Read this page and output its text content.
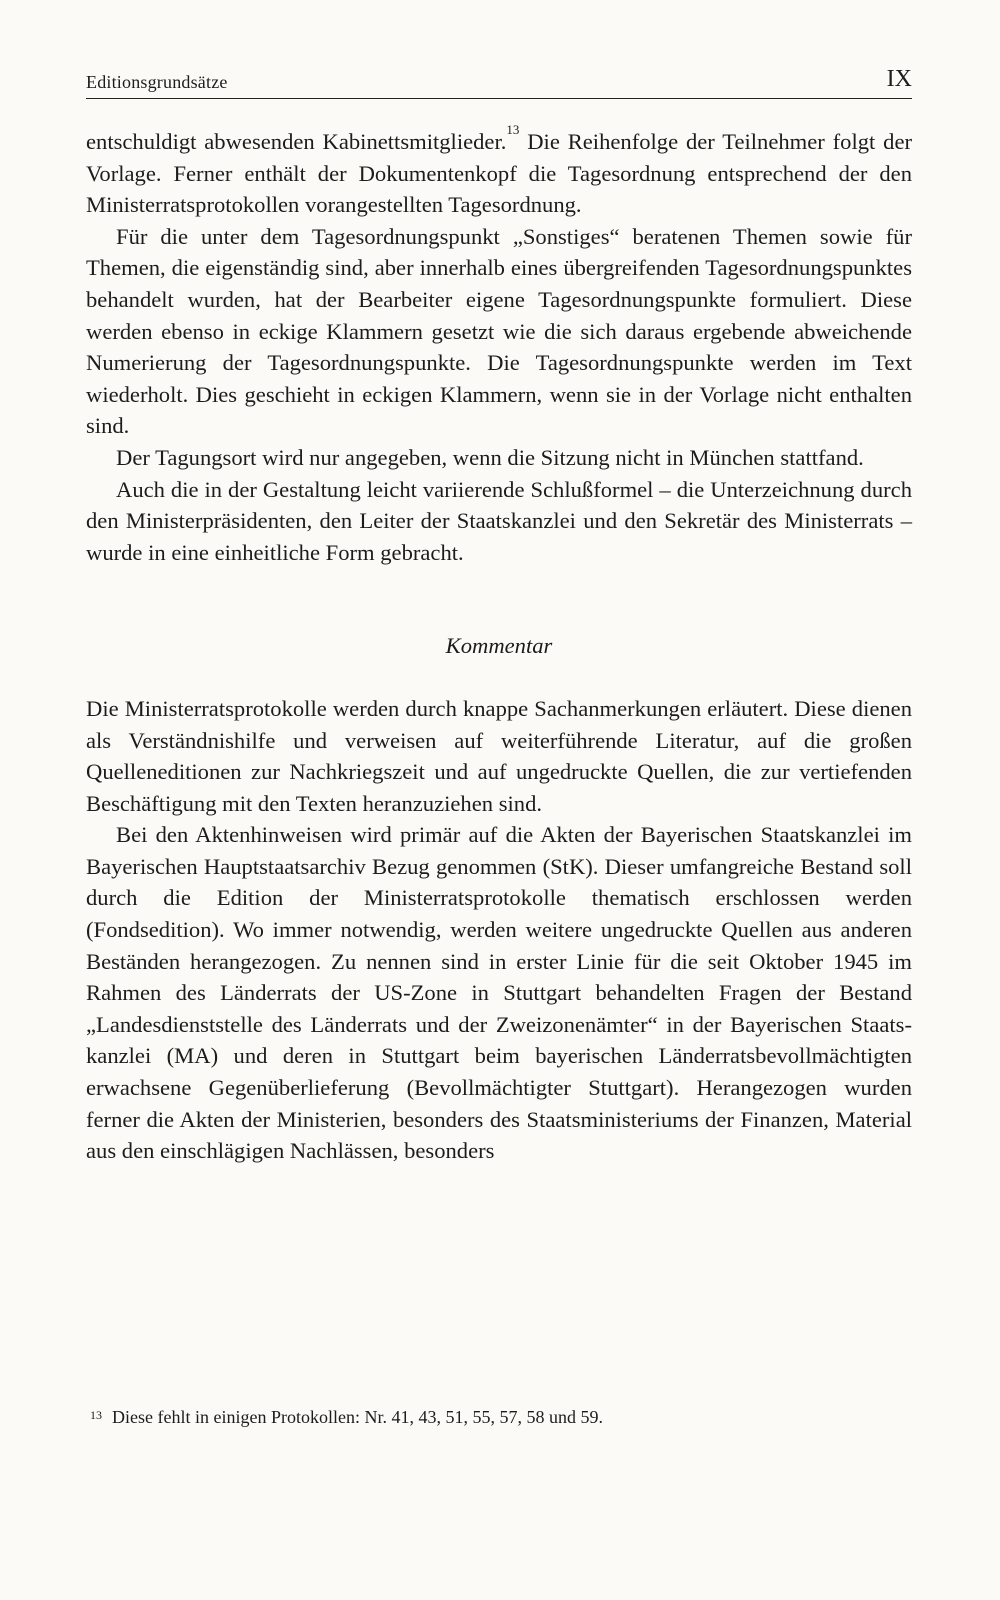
Editionsgrundsätze	IX

entschuldigt abwesenden Kabinettsmitglieder.$^{13}$ Die Reihenfolge der Teilnehmer folgt der Vorlage. Ferner enthält der Dokumentenkopf die Tagesordnung entsprechend der den Ministerratsprotokollen vorangestellten Tagesordnung.

Für die unter dem Tagesordnungspunkt „Sonstiges“ beratenen Themen sowie für Themen, die eigenständig sind, aber innerhalb eines übergreifenden Tagesordnungspunktes behandelt wurden, hat der Bearbeiter eigene Tagesordnungspunkte formuliert. Diese werden ebenso in eckige Klammern gesetzt wie die sich daraus ergebende abweichende Numerierung der Tagesordnungspunkte. Die Tagesordnungspunkte werden im Text wiederholt. Dies geschieht in eckigen Klammern, wenn sie in der Vorlage nicht enthalten sind.

Der Tagungsort wird nur angegeben, wenn die Sitzung nicht in München stattfand.

Auch die in der Gestaltung leicht variierende Schlußformel – die Unterzeichnung durch den Ministerpräsidenten, den Leiter der Staatskanzlei und den Sekretär des Ministerrats – wurde in eine einheitliche Form gebracht.

Kommentar

Die Ministerratsprotokolle werden durch knappe Sachanmerkungen erläutert. Diese dienen als Verständnishilfe und verweisen auf weiterführende Literatur, auf die großen Quelleneditionen zur Nachkriegszeit und auf ungedruckte Quellen, die zur vertiefenden Beschäftigung mit den Texten heranzuziehen sind.

Bei den Aktenhinweisen wird primär auf die Akten der Bayerischen Staatskanzlei im Bayerischen Hauptstaatsarchiv Bezug genommen (StK). Dieser umfangreiche Bestand soll durch die Edition der Ministerratsprotokolle thematisch erschlossen werden (Fondsedition). Wo immer notwendig, werden weitere ungedruckte Quellen aus anderen Beständen herangezogen. Zu nennen sind in erster Linie für die seit Oktober 1945 im Rahmen des Länderrats der US-Zone in Stuttgart behandelten Fragen der Bestand „Landesdienststelle des Länderrats und der Zweizonenämter“ in der Bayerischen Staatskanzlei (MA) und deren in Stuttgart beim bayerischen Länderratsbevollmächtigten erwachsene Gegenüberlieferung (Bevollmächtigter Stuttgart). Herangezogen wurden ferner die Akten der Ministerien, besonders des Staatsministeriums der Finanzen, Material aus den einschlägigen Nachlässen, besonders

$^{13}$ Diese fehlt in einigen Protokollen: Nr. 41, 43, 51, 55, 57, 58 und 59.
